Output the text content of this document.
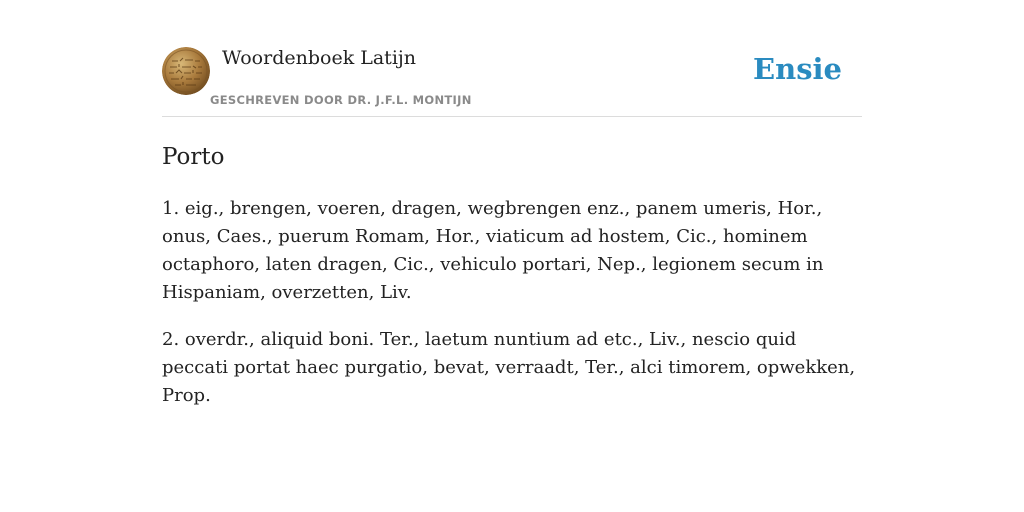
Woordenboek Latijn
GESCHREVEN DOOR DR. J.F.L. MONTIJN
Ensie
Porto

1. eig., brengen, voeren, dragen, wegbrengen enz., panem umeris, Hor., onus, Caes., puerum Romam, Hor., viaticum ad hostem, Cic., hominem octaphoro, laten dragen, Cic., vehiculo portari, Nep., legionem secum in Hispaniam, overzetten, Liv.

2. overdr., aliquid boni. Ter., laetum nuntium ad etc., Liv., nescio quid peccati portat haec purgatio, bevat, verraadt, Ter., alci timorem, opwekken, Prop.
